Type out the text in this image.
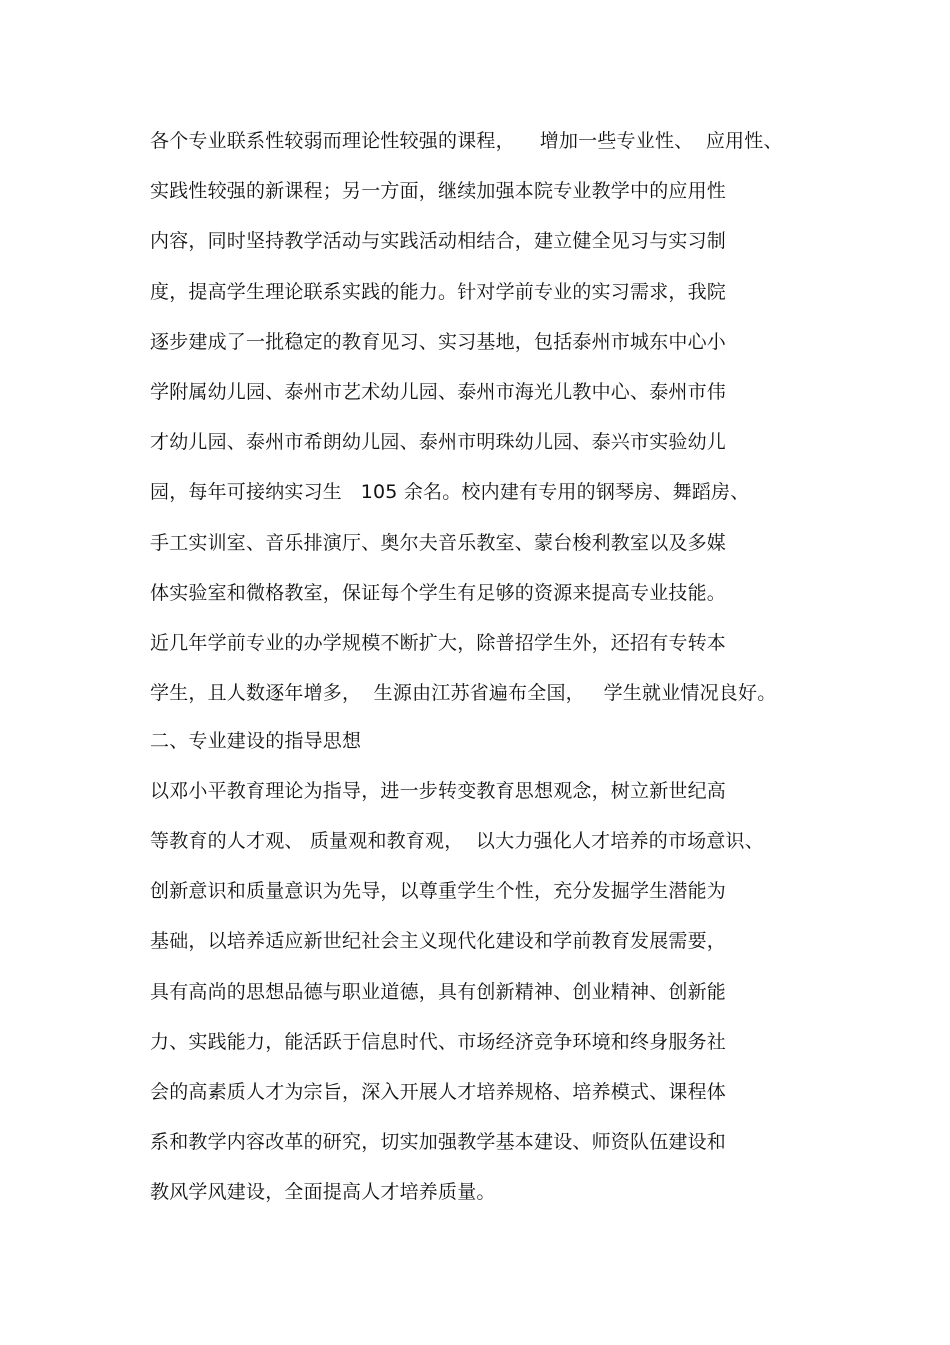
各个专业联系性较弱而理论性较强的课程，    增加一些专业性、  应用性、
实践性较强的新课程；另一方面，继续加强本院专业教学中的应用性
内容，同时坚持教学活动与实践活动相结合，建立健全见习与实习制
度，提高学生理论联系实践的能力。针对学前专业的实习需求，我院
逐步建成了一批稳定的教育见习、实习基地，包括泰州市城东中心小
学附属幼儿园、泰州市艺术幼儿园、泰州市海光儿教中心、泰州市伟
才幼儿园、泰州市希朗幼儿园、泰州市明珠幼儿园、泰兴市实验幼儿
园，每年可接纳实习生   105 余名。校内建有专用的钢琴房、舞蹈房、
手工实训室、音乐排演厅、奥尔夫音乐教室、蒙台梭利教室以及多媒
体实验室和微格教室，保证每个学生有足够的资源来提高专业技能。
近几年学前专业的办学规模不断扩大，除普招学生外，还招有专转本
学生，且人数逐年增多，  生源由江苏省遍布全国，   学生就业情况良好。
二、专业建设的指导思想
以邓小平教育理论为指导，进一步转变教育思想观念，树立新世纪高
等教育的人才观、 质量观和教育观，  以大力强化人才培养的市场意识、
创新意识和质量意识为先导，以尊重学生个性，充分发掘学生潜能为
基础，以培养适应新世纪社会主义现代化建设和学前教育发展需要，
具有高尚的思想品德与职业道德，具有创新精神、创业精神、创新能
力、实践能力，能活跃于信息时代、市场经济竞争环境和终身服务社
会的高素质人才为宗旨，深入开展人才培养规格、培养模式、课程体
系和教学内容改革的研究，切实加强教学基本建设、师资队伍建设和
教风学风建设，全面提高人才培养质量。
